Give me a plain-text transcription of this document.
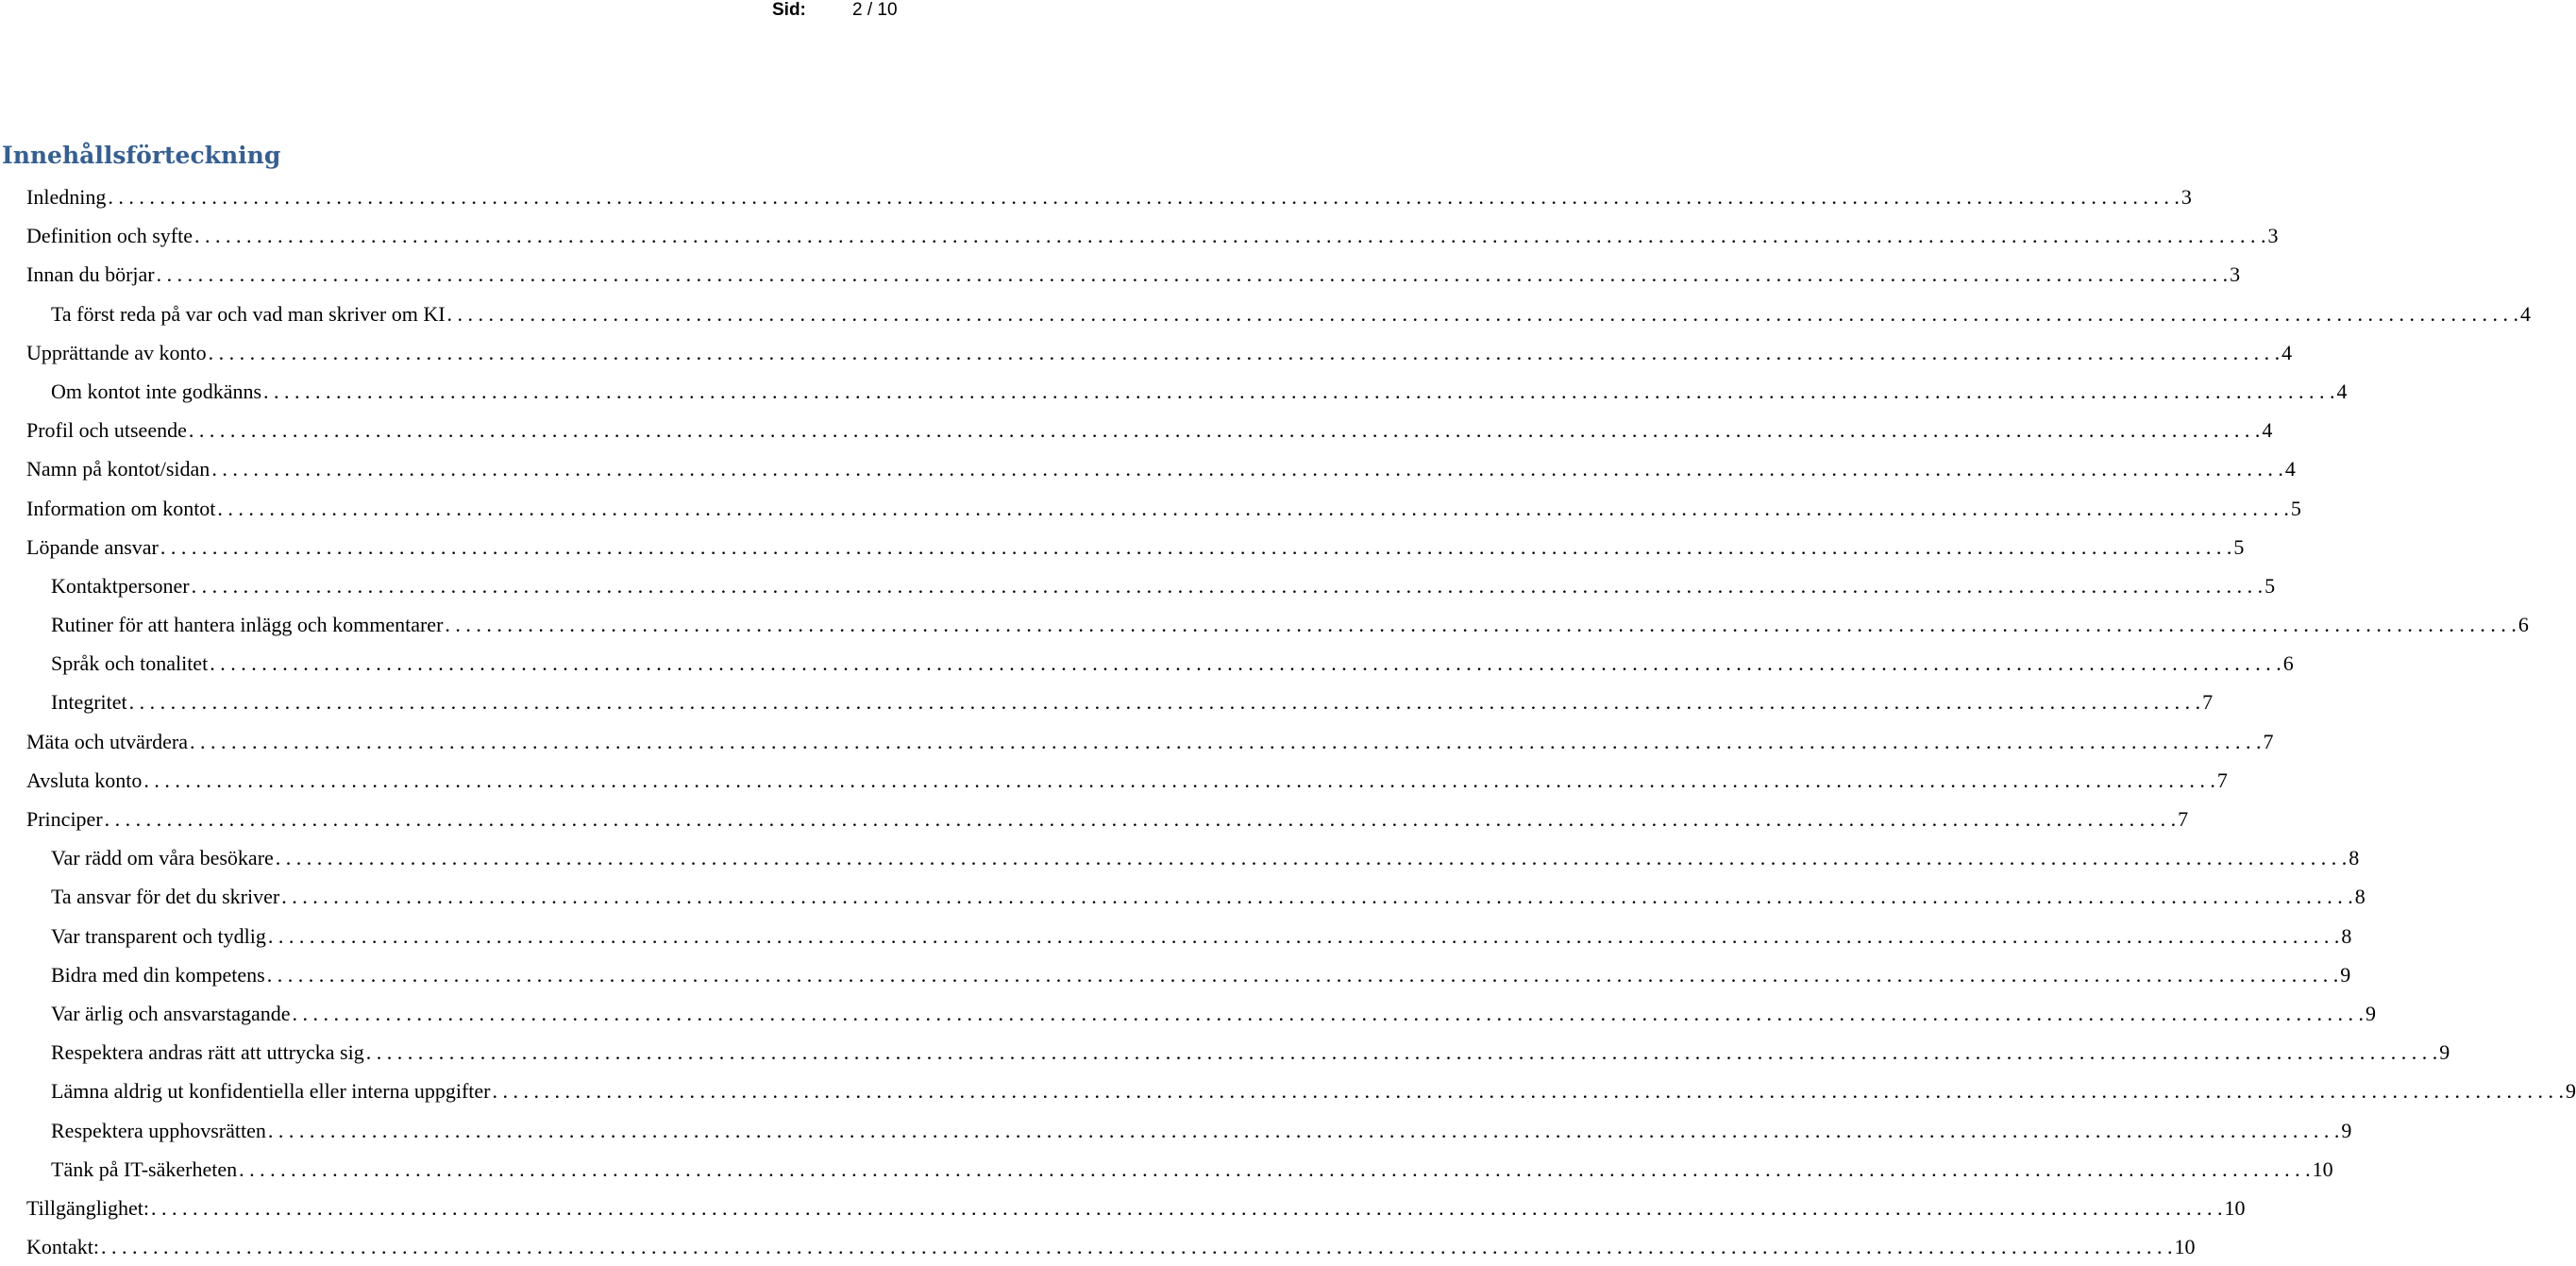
Sid:	2 / 10
Innehållsförteckning
Inledning . . . . . . . . . . . . . . . . . . . . . . . . . . . . . . . . . . . . . . . . . . . . . . . . . . . . . . . . . . . . . . . . . . . . . . . . . . . . . . . . . . . . . . . . . . . . . . . . . . . . . . . . . . . . . . . . . . . . . . . . . . . . . . . . . . . . . . . . . . . . . . . . . . . . . . . . . . . . . . . . . . . . . . . . . . . . . . . . . . . . . . . . . . . . . . . . . . . . . . . . 3
Definition och syfte . . . . . . . . . . . . . . . . . . . . . . . . . . . . . . . . . . . . . . . . . . . . . . . . . . . . . . . . . . . . . . . . . . . . . . . . . . . . . . . . . . . . . . . . . . . . . . . . . . . . . . . . . . . . . . . . . . . . . . . . . . . . . . . . . . . . . . . . . . . . . . . . . . . . . . . . . . . . . . . . . . . . . . . . . . . . . . . . . . . . . . . . . . . . . . . . . . . . . . . . 3
Innan du börjar . . . . . . . . . . . . . . . . . . . . . . . . . . . . . . . . . . . . . . . . . . . . . . . . . . . . . . . . . . . . . . . . . . . . . . . . . . . . . . . . . . . . . . . . . . . . . . . . . . . . . . . . . . . . . . . . . . . . . . . . . . . . . . . . . . . . . . . . . . . . . . . . . . . . . . . . . . . . . . . . . . . . . . . . . . . . . . . . . . . . . . . . . . . . . . . . . . . . . . . . 3
Ta först reda på var och vad man skriver om KI . . . . . . . . . . . . . . . . . . . . . . . . . . . . . . . . . . . . . . . . . . . . . . . . . . . . . . . . . . . . . . . . . . . . . . . . . . . . . . . . . . . . . . . . . . . . . . . . . . . . . . . . . . . . . . . . . . . . . . . . . . . . . . . . . . . . . . . . . . . . . . . . . . . . . . . . . . . . . . . . . . . . . . . . . . . . . . . . . . . . . . . . . . . . . . . . . . . . . . . . 4
Upprättande av konto . . . . . . . . . . . . . . . . . . . . . . . . . . . . . . . . . . . . . . . . . . . . . . . . . . . . . . . . . . . . . . . . . . . . . . . . . . . . . . . . . . . . . . . . . . . . . . . . . . . . . . . . . . . . . . . . . . . . . . . . . . . . . . . . . . . . . . . . . . . . . . . . . . . . . . . . . . . . . . . . . . . . . . . . . . . . . . . . . . . . . . . . . . . . . . . . . . . . . . . . 4
Om kontot inte godkänns . . . . . . . . . . . . . . . . . . . . . . . . . . . . . . . . . . . . . . . . . . . . . . . . . . . . . . . . . . . . . . . . . . . . . . . . . . . . . . . . . . . . . . . . . . . . . . . . . . . . . . . . . . . . . . . . . . . . . . . . . . . . . . . . . . . . . . . . . . . . . . . . . . . . . . . . . . . . . . . . . . . . . . . . . . . . . . . . . . . . . . . . . . . . . . . . . . . . . . . . 4
Profil och utseende . . . . . . . . . . . . . . . . . . . . . . . . . . . . . . . . . . . . . . . . . . . . . . . . . . . . . . . . . . . . . . . . . . . . . . . . . . . . . . . . . . . . . . . . . . . . . . . . . . . . . . . . . . . . . . . . . . . . . . . . . . . . . . . . . . . . . . . . . . . . . . . . . . . . . . . . . . . . . . . . . . . . . . . . . . . . . . . . . . . . . . . . . . . . . . . . . . . . . . . . 4
Namn på kontot/sidan . . . . . . . . . . . . . . . . . . . . . . . . . . . . . . . . . . . . . . . . . . . . . . . . . . . . . . . . . . . . . . . . . . . . . . . . . . . . . . . . . . . . . . . . . . . . . . . . . . . . . . . . . . . . . . . . . . . . . . . . . . . . . . . . . . . . . . . . . . . . . . . . . . . . . . . . . . . . . . . . . . . . . . . . . . . . . . . . . . . . . . . . . . . . . . . . . . . . . . . . 4
Information om kontot . . . . . . . . . . . . . . . . . . . . . . . . . . . . . . . . . . . . . . . . . . . . . . . . . . . . . . . . . . . . . . . . . . . . . . . . . . . . . . . . . . . . . . . . . . . . . . . . . . . . . . . . . . . . . . . . . . . . . . . . . . . . . . . . . . . . . . . . . . . . . . . . . . . . . . . . . . . . . . . . . . . . . . . . . . . . . . . . . . . . . . . . . . . . . . . . . . . . . . . . 5
Löpande ansvar . . . . . . . . . . . . . . . . . . . . . . . . . . . . . . . . . . . . . . . . . . . . . . . . . . . . . . . . . . . . . . . . . . . . . . . . . . . . . . . . . . . . . . . . . . . . . . . . . . . . . . . . . . . . . . . . . . . . . . . . . . . . . . . . . . . . . . . . . . . . . . . . . . . . . . . . . . . . . . . . . . . . . . . . . . . . . . . . . . . . . . . . . . . . . . . . . . . . . . . . 5
Kontaktpersoner . . . . . . . . . . . . . . . . . . . . . . . . . . . . . . . . . . . . . . . . . . . . . . . . . . . . . . . . . . . . . . . . . . . . . . . . . . . . . . . . . . . . . . . . . . . . . . . . . . . . . . . . . . . . . . . . . . . . . . . . . . . . . . . . . . . . . . . . . . . . . . . . . . . . . . . . . . . . . . . . . . . . . . . . . . . . . . . . . . . . . . . . . . . . . . . . . . . . . . . . 5
Rutiner för att hantera inlägg och kommentarer . . . . . . . . . . . . . . . . . . . . . . . . . . . . . . . . . . . . . . . . . . . . . . . . . . . . . . . . . . . . . . . . . . . . . . . . . . . . . . . . . . . . . . . . . . . . . . . . . . . . . . . . . . . . . . . . . . . . . . . . . . . . . . . . . . . . . . . . . . . . . . . . . . . . . . . . . . . . . . . . . . . . . . . . . . . . . . . . . . . . . . . . . . . . . . . . . . . . . . . . 6
Språk och tonalitet . . . . . . . . . . . . . . . . . . . . . . . . . . . . . . . . . . . . . . . . . . . . . . . . . . . . . . . . . . . . . . . . . . . . . . . . . . . . . . . . . . . . . . . . . . . . . . . . . . . . . . . . . . . . . . . . . . . . . . . . . . . . . . . . . . . . . . . . . . . . . . . . . . . . . . . . . . . . . . . . . . . . . . . . . . . . . . . . . . . . . . . . . . . . . . . . . . . . . . . . 6
Integritet . . . . . . . . . . . . . . . . . . . . . . . . . . . . . . . . . . . . . . . . . . . . . . . . . . . . . . . . . . . . . . . . . . . . . . . . . . . . . . . . . . . . . . . . . . . . . . . . . . . . . . . . . . . . . . . . . . . . . . . . . . . . . . . . . . . . . . . . . . . . . . . . . . . . . . . . . . . . . . . . . . . . . . . . . . . . . . . . . . . . . . . . . . . . . . . . . . . . . . . . 7
Mäta och utvärdera . . . . . . . . . . . . . . . . . . . . . . . . . . . . . . . . . . . . . . . . . . . . . . . . . . . . . . . . . . . . . . . . . . . . . . . . . . . . . . . . . . . . . . . . . . . . . . . . . . . . . . . . . . . . . . . . . . . . . . . . . . . . . . . . . . . . . . . . . . . . . . . . . . . . . . . . . . . . . . . . . . . . . . . . . . . . . . . . . . . . . . . . . . . . . . . . . . . . . . . . 7
Avsluta konto . . . . . . . . . . . . . . . . . . . . . . . . . . . . . . . . . . . . . . . . . . . . . . . . . . . . . . . . . . . . . . . . . . . . . . . . . . . . . . . . . . . . . . . . . . . . . . . . . . . . . . . . . . . . . . . . . . . . . . . . . . . . . . . . . . . . . . . . . . . . . . . . . . . . . . . . . . . . . . . . . . . . . . . . . . . . . . . . . . . . . . . . . . . . . . . . . . . . . . . . 7
Principer . . . . . . . . . . . . . . . . . . . . . . . . . . . . . . . . . . . . . . . . . . . . . . . . . . . . . . . . . . . . . . . . . . . . . . . . . . . . . . . . . . . . . . . . . . . . . . . . . . . . . . . . . . . . . . . . . . . . . . . . . . . . . . . . . . . . . . . . . . . . . . . . . . . . . . . . . . . . . . . . . . . . . . . . . . . . . . . . . . . . . . . . . . . . . . . . . . . . . . . . 7
Var rädd om våra besökare . . . . . . . . . . . . . . . . . . . . . . . . . . . . . . . . . . . . . . . . . . . . . . . . . . . . . . . . . . . . . . . . . . . . . . . . . . . . . . . . . . . . . . . . . . . . . . . . . . . . . . . . . . . . . . . . . . . . . . . . . . . . . . . . . . . . . . . . . . . . . . . . . . . . . . . . . . . . . . . . . . . . . . . . . . . . . . . . . . . . . . . . . . . . . . . . . . . . . . . . 8
Ta ansvar för det du skriver . . . . . . . . . . . . . . . . . . . . . . . . . . . . . . . . . . . . . . . . . . . . . . . . . . . . . . . . . . . . . . . . . . . . . . . . . . . . . . . . . . . . . . . . . . . . . . . . . . . . . . . . . . . . . . . . . . . . . . . . . . . . . . . . . . . . . . . . . . . . . . . . . . . . . . . . . . . . . . . . . . . . . . . . . . . . . . . . . . . . . . . . . . . . . . . . . . . . . . . . 8
Var transparent och tydlig . . . . . . . . . . . . . . . . . . . . . . . . . . . . . . . . . . . . . . . . . . . . . . . . . . . . . . . . . . . . . . . . . . . . . . . . . . . . . . . . . . . . . . . . . . . . . . . . . . . . . . . . . . . . . . . . . . . . . . . . . . . . . . . . . . . . . . . . . . . . . . . . . . . . . . . . . . . . . . . . . . . . . . . . . . . . . . . . . . . . . . . . . . . . . . . . . . . . . . . . 8
Bidra med din kompetens . . . . . . . . . . . . . . . . . . . . . . . . . . . . . . . . . . . . . . . . . . . . . . . . . . . . . . . . . . . . . . . . . . . . . . . . . . . . . . . . . . . . . . . . . . . . . . . . . . . . . . . . . . . . . . . . . . . . . . . . . . . . . . . . . . . . . . . . . . . . . . . . . . . . . . . . . . . . . . . . . . . . . . . . . . . . . . . . . . . . . . . . . . . . . . . . . . . . . . . . 9
Var ärlig och ansvarstagande . . . . . . . . . . . . . . . . . . . . . . . . . . . . . . . . . . . . . . . . . . . . . . . . . . . . . . . . . . . . . . . . . . . . . . . . . . . . . . . . . . . . . . . . . . . . . . . . . . . . . . . . . . . . . . . . . . . . . . . . . . . . . . . . . . . . . . . . . . . . . . . . . . . . . . . . . . . . . . . . . . . . . . . . . . . . . . . . . . . . . . . . . . . . . . . . . . . . . . . . 9
Respektera andras rätt att uttrycka sig . . . . . . . . . . . . . . . . . . . . . . . . . . . . . . . . . . . . . . . . . . . . . . . . . . . . . . . . . . . . . . . . . . . . . . . . . . . . . . . . . . . . . . . . . . . . . . . . . . . . . . . . . . . . . . . . . . . . . . . . . . . . . . . . . . . . . . . . . . . . . . . . . . . . . . . . . . . . . . . . . . . . . . . . . . . . . . . . . . . . . . . . . . . . . . . . . . . . . . . . 9
Lämna aldrig ut konfidentiella eller interna uppgifter . . . . . . . . . . . . . . . . . . . . . . . . . . . . . . . . . . . . . . . . . . . . . . . . . . . . . . . . . . . . . . . . . . . . . . . . . . . . . . . . . . . . . . . . . . . . . . . . . . . . . . . . . . . . . . . . . . . . . . . . . . . . . . . . . . . . . . . . . . . . . . . . . . . . . . . . . . . . . . . . . . . . . . . . . . . . . . . . . . . . . . . . . . . . . . . . . . . . . . . . 9
Respektera upphovsrätten . . . . . . . . . . . . . . . . . . . . . . . . . . . . . . . . . . . . . . . . . . . . . . . . . . . . . . . . . . . . . . . . . . . . . . . . . . . . . . . . . . . . . . . . . . . . . . . . . . . . . . . . . . . . . . . . . . . . . . . . . . . . . . . . . . . . . . . . . . . . . . . . . . . . . . . . . . . . . . . . . . . . . . . . . . . . . . . . . . . . . . . . . . . . . . . . . . . . . . . . 9
Tänk på IT-säkerheten . . . . . . . . . . . . . . . . . . . . . . . . . . . . . . . . . . . . . . . . . . . . . . . . . . . . . . . . . . . . . . . . . . . . . . . . . . . . . . . . . . . . . . . . . . . . . . . . . . . . . . . . . . . . . . . . . . . . . . . . . . . . . . . . . . . . . . . . . . . . . . . . . . . . . . . . . . . . . . . . . . . . . . . . . . . . . . . . . . . . . . . . . . . . . . . . . . . . . . . . 10
Tillgänglighet: . . . . . . . . . . . . . . . . . . . . . . . . . . . . . . . . . . . . . . . . . . . . . . . . . . . . . . . . . . . . . . . . . . . . . . . . . . . . . . . . . . . . . . . . . . . . . . . . . . . . . . . . . . . . . . . . . . . . . . . . . . . . . . . . . . . . . . . . . . . . . . . . . . . . . . . . . . . . . . . . . . . . . . . . . . . . . . . . . . . . . . . . . . . . . . . . . . . . . . . . 10
Kontakt: . . . . . . . . . . . . . . . . . . . . . . . . . . . . . . . . . . . . . . . . . . . . . . . . . . . . . . . . . . . . . . . . . . . . . . . . . . . . . . . . . . . . . . . . . . . . . . . . . . . . . . . . . . . . . . . . . . . . . . . . . . . . . . . . . . . . . . . . . . . . . . . . . . . . . . . . . . . . . . . . . . . . . . . . . . . . . . . . . . . . . . . . . . . . . . . . . . . . . . . . 10
